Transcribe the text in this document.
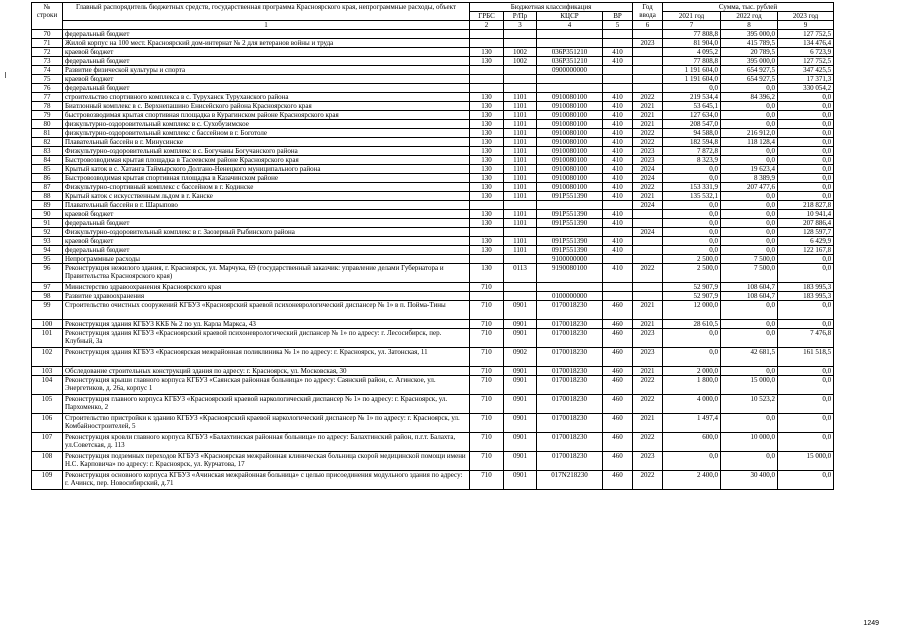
№ строки	Главный распорядитель бюджетных средств, государственная программа Красноярского края, непрограммные расходы, объект	Бюджетная классификация				Год ввода	Сумма, тыс. рублей		
		ГРБС	Р/Пр	КЦСР	ВР		2021 год	2022 год	2023 год
	1	2	3	4	5	6	7	8	9
70	федеральный бюджет						77 808,8	395 000,0	127 752,5
71	Жилой корпус на 100 мест. Красноярский дом-интернат № 2 для ветеранов войны и труда					2023	81 904,0	415 789,5	134 476,4
72	краевой бюджет	130	1002	036P351210	410		4 095,2	20 789,5	6 723,9
73	федеральный бюджет	130	1002	036P351210	410		77 808,8	395 000,0	127 752,5
74	Развитие физической культуры и спорта			0900000000			1 191 604,0	654 927,5	347 425,5
75	краевой бюджет						1 191 604,0	654 927,5	17 371,3
76	федеральный бюджет						0,0	0,0	330 054,2
77	строительство спортивного комплекса в с. Туруханск Туруханского района	130	1101	0910080100	410	2022	219 534,4	84 396,2	0,0
78	Биатлонный комплекс в с. Верхнепашино Енисейского района Красноярского края	130	1101	0910080100	410	2021	53 645,1	0,0	0,0
79	быстровозводимая крытая спортивная площадка в Курагинском районе Красноярского края	130	1101	0910080100	410	2021	127 634,0	0,0	0,0
80	физкультурно-оздоровительный комплекс в с. Сухобузимское	130	1101	0910080100	410	2021	208 547,0	0,0	0,0
81	физкультурно-оздоровительный комплекс с бассейном в г. Боготоле	130	1101	0910080100	410	2022	94 588,0	216 912,0	0,0
82	Плавательный бассейн в г. Минусинске	130	1101	0910080100	410	2022	182 594,8	118 128,4	0,0
83	Физкультурно-оздоровительный комплекс в с. Богучаны Богучанского района	130	1101	0910080100	410	2023	7 872,8	0,0	0,0
84	Быстровозводимая крытая площадка в Тасеевском районе Красноярского края	130	1101	0910080100	410	2023	8 323,9	0,0	0,0
85	Крытый каток в с. Хатанга Таймырского Долгано-Ненецкого муниципального района	130	1101	0910080100	410	2024	0,0	19 623,4	0,0
86	Быстровозводимая крытая спортивная площадка в Казачинском районе	130	1101	0910080100	410	2024	0,0	8 389,9	0,0
87	Физкультурно-спортивный комплекс с бассейном в г. Кодинске	130	1101	0910080100	410	2022	153 331,9	207 477,6	0,0
88	Крытый каток с искусственным льдом в г. Канске	130	1101	091P551390	410	2021	135 532,1	0,0	0,0
89	Плавательный бассейн в г. Шарыпово					2024	0,0	0,0	218 827,8
90	краевой бюджет	130	1101	091P551390	410		0,0	0,0	10 941,4
91	федеральный бюджет	130	1101	091P551390	410		0,0	0,0	207 886,4
92	Физкультурно-оздоровительный комплекс в г. Заозерный Рыбинского района					2024	0,0	0,0	128 597,7
93	краевой бюджет	130	1101	091P551390	410		0,0	0,0	6 429,9
94	федеральный бюджет	130	1101	091P551390	410		0,0	0,0	122 167,8
95	Непрограммные расходы			9100000000			2 500,0	7 500,0	0,0
96	Реконструкция нежилого здания, г. Красноярск, ул. Марчука, 69 (государственный заказчик: управление делами Губернатора и Правительства Красноярского края)	130	0113	9190080100	410	2022	2 500,0	7 500,0	0,0
97	Министерство здравоохранения Красноярского края	710					52 907,9	108 604,7	183 995,3
98	Развитие здравоохранения			0100000000			52 907,9	108 604,7	183 995,3
99	Строительство очистных сооружений КГБУЗ «Красноярский краевой психоневрологический диспансер № 1» в п. Пойма-Тины	710	0901	0170018230	460	2021	12 000,0	0,0	0,0
100	Реконструкция здания КГБУЗ ККБ № 2 по ул. Карла Маркса, 43	710	0901	0170018230	460	2021	28 610,5	0,0	0,0
101	Реконструкция здания КГБУЗ «Красноярский краевой психоневрологический диспансер № 1» по адресу: г. Лесосибирск, пер. Клубный, 3а	710	0901	0170018230	460	2023	0,0	0,0	7 476,8
102	Реконструкция здания КГБУЗ «Красноярская межрайонная поликлиника № 1» по адресу: г. Красноярск, ул. Затонская, 11	710	0902	0170018230	460	2023	0,0	42 681,5	161 518,5
103	Обследование строительных конструкций здания по адресу: г. Красноярск, ул. Московская, 30	710	0901	0170018230	460	2021	2 000,0	0,0	0,0
104	Реконструкция крыши главного корпуса КГБУЗ «Саянская районная больница» по адресу: Саянский район, с. Агинское, ул. Энергетиков, д. 26а, корпус 1	710	0901	0170018230	460	2022	1 800,0	15 000,0	0,0
105	Реконструкция главного корпуса КГБУЗ «Красноярский краевой наркологический диспансер № 1» по адресу: г. Красноярск, ул. Пархоменко, 2	710	0901	0170018230	460	2022	4 000,0	10 523,2	0,0
106	Строительство пристройки к зданию КГБУЗ «Красноярский краевой наркологический диспансер № 1» по адресу: г. Красноярск, ул. Комбайностроителей, 5	710	0901	0170018230	460	2021	1 497,4	0,0	0,0
107	Реконструкция кровли главного корпуса КГБУЗ «Балахтинская районная больница» по адресу: Балахтинский район, п.г.т. Балахта, ул.Советская, д. 113	710	0901	0170018230	460	2022	600,0	10 000,0	0,0
108	Реконструкция подземных переходов КГБУЗ «Красноярская межрайонная клиническая больница скорой медицинской помощи имени Н.С. Карповича» по адресу: г. Красноярск, ул. Курчатова, 17	710	0901	0170018230	460	2023	0,0	0,0	15 000,0
109	Реконструкция основного корпуса КГБУЗ «Ачинская межрайонная больница» с целью присоединения модульного здания по адресу: г. Ачинск, пер. Новосибирский, д.71	710	0901	017N218230	460	2022	2 400,0	30 400,0	0,0
1249
